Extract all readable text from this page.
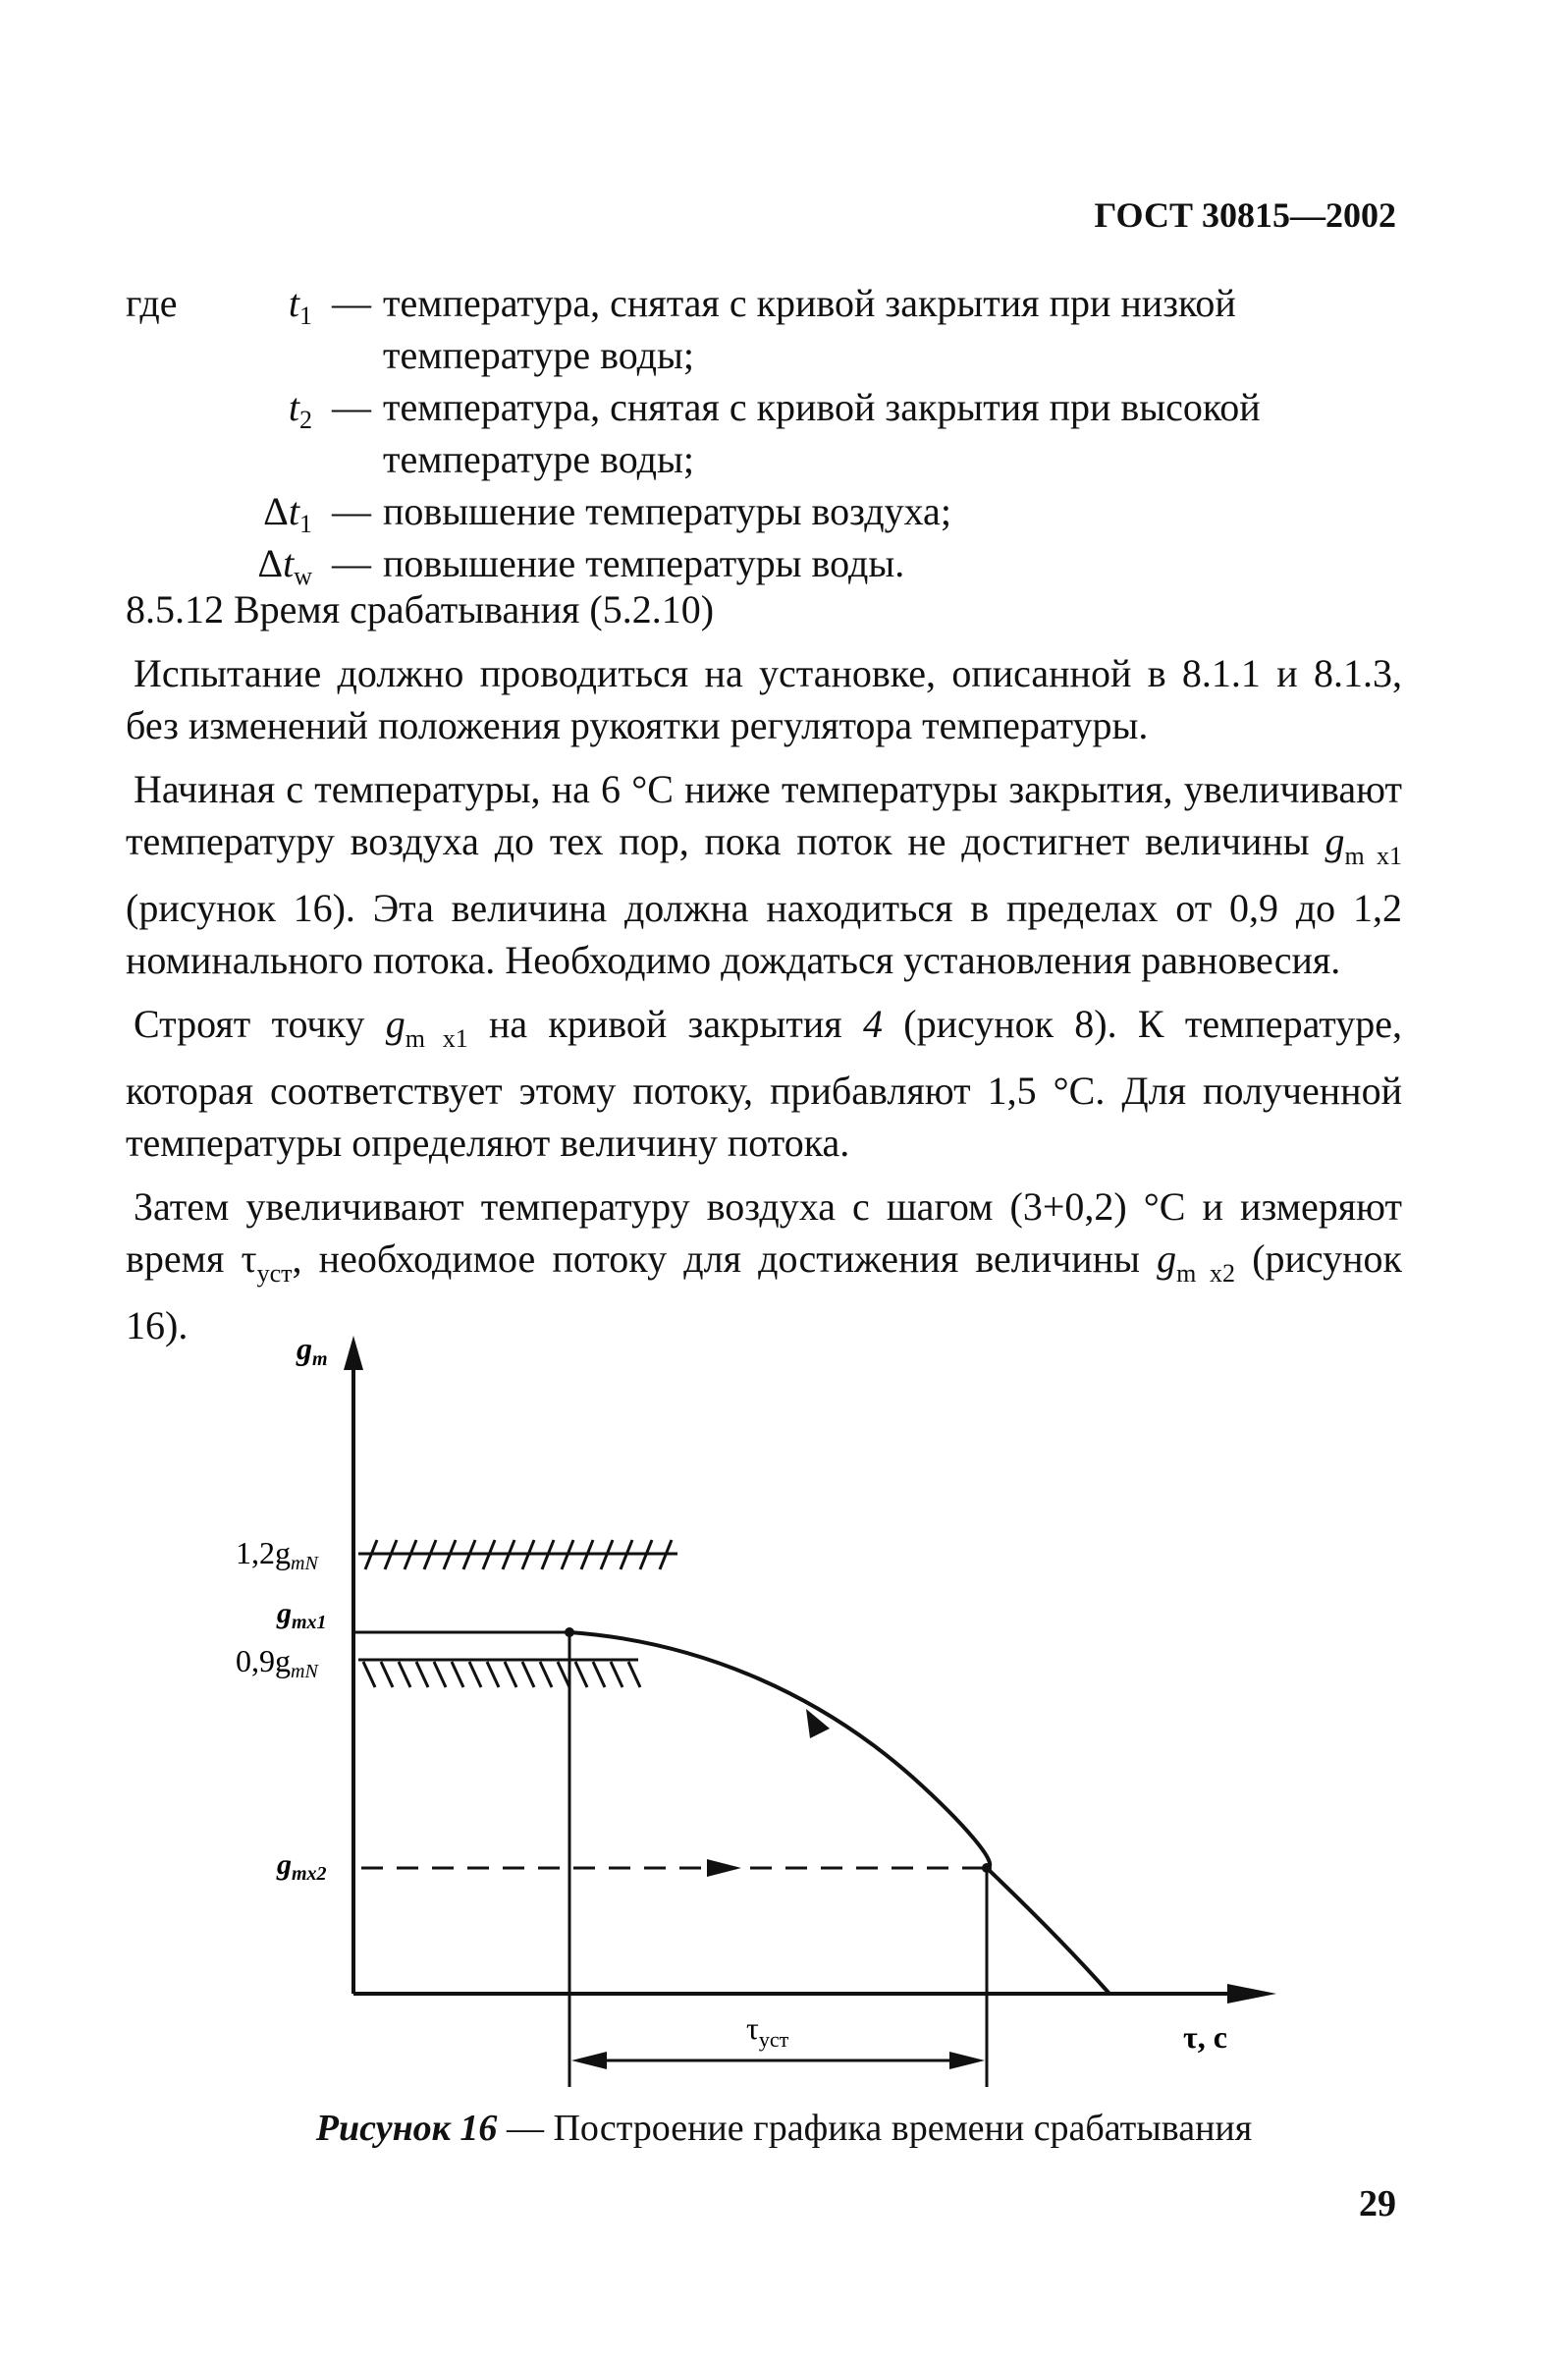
ГОСТ 30815—2002
где	$t_1$ — температура, снятая с кривой закрытия при низкой температуре воды;
$t_2$ — температура, снятая с кривой закрытия при высокой температуре воды;
$\Delta t_1$ — повышение температуры воздуха;
$\Delta t_w$ — повышение температуры воды.

8.5.12 Время срабатывания (5.2.10)

Испытание должно проводиться на установке, описанной в 8.1.1 и 8.1.3, без изменений положения рукоятки регулятора температуры.

Начиная с температуры, на 6 °С ниже температуры закрытия, увеличивают температуру воздуха до тех пор, пока поток не достигнет величины $g_{m x1}$ (рисунок 16). Эта величина должна находиться в пределах от 0,9 до 1,2 номинального потока. Необходимо дождаться установления равновесия.

Строят точку $g_{m x1}$ на кривой закрытия 4 (рисунок 8). К температуре, которая соответствует этому потоку, прибавляют 1,5 °С. Для полученной температуры определяют величину потока.

Затем увеличивают температуру воздуха с шагом (3+0,2) °С и измеряют время $\tau_{уст}$, необходимое потоку для достижения величины $g_{m x2}$ (рисунок 16).

gm
1,2gmN
$g_{mx1}$
0,9gmN
$g_{mx2}$
$\tau_{уст}$	τ, с
Рисунок 16 — Построение графика времени срабатывания
29
